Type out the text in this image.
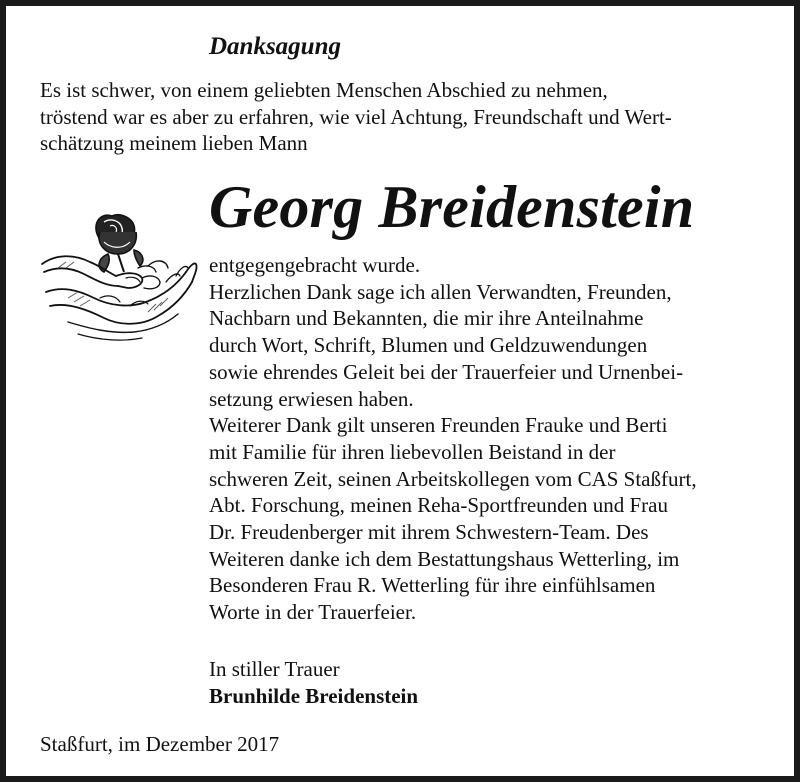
Danksagung
Es ist schwer, von einem geliebten Menschen Abschied zu nehmen,
tröstend war es aber zu erfahren, wie viel Achtung, Freundschaft und Wert-
schätzung meinem lieben Mann
Georg Breidenstein

entgegengebracht wurde.

Herzlichen Dank sage ich allen Verwandten, Freunden,
Nachbarn und Bekannten, die mir ihre Anteilnahme
durch Wort, Schrift, Blumen und Geldzuwendungen
sowie ehrendes Geleit bei der Trauerfeier und Urnenbei-
setzung erwiesen haben.

Weiterer Dank gilt unseren Freunden Frauke und Berti
mit Familie für ihren liebevollen Beistand in der
schweren Zeit, seinen Arbeitskollegen vom CAS Staßfurt,
Abt. Forschung, meinen Reha-Sportfreunden und Frau
Dr. Freudenberger mit ihrem Schwestern-Team. Des
Weiteren danke ich dem Bestattungshaus Wetterling, im
Besonderen Frau R. Wetterling für ihre einfühlsamen
Worte in der Trauerfeier.

In stiller Trauer
Brunhilde Breidenstein
Staßfurt, im Dezember 2017
